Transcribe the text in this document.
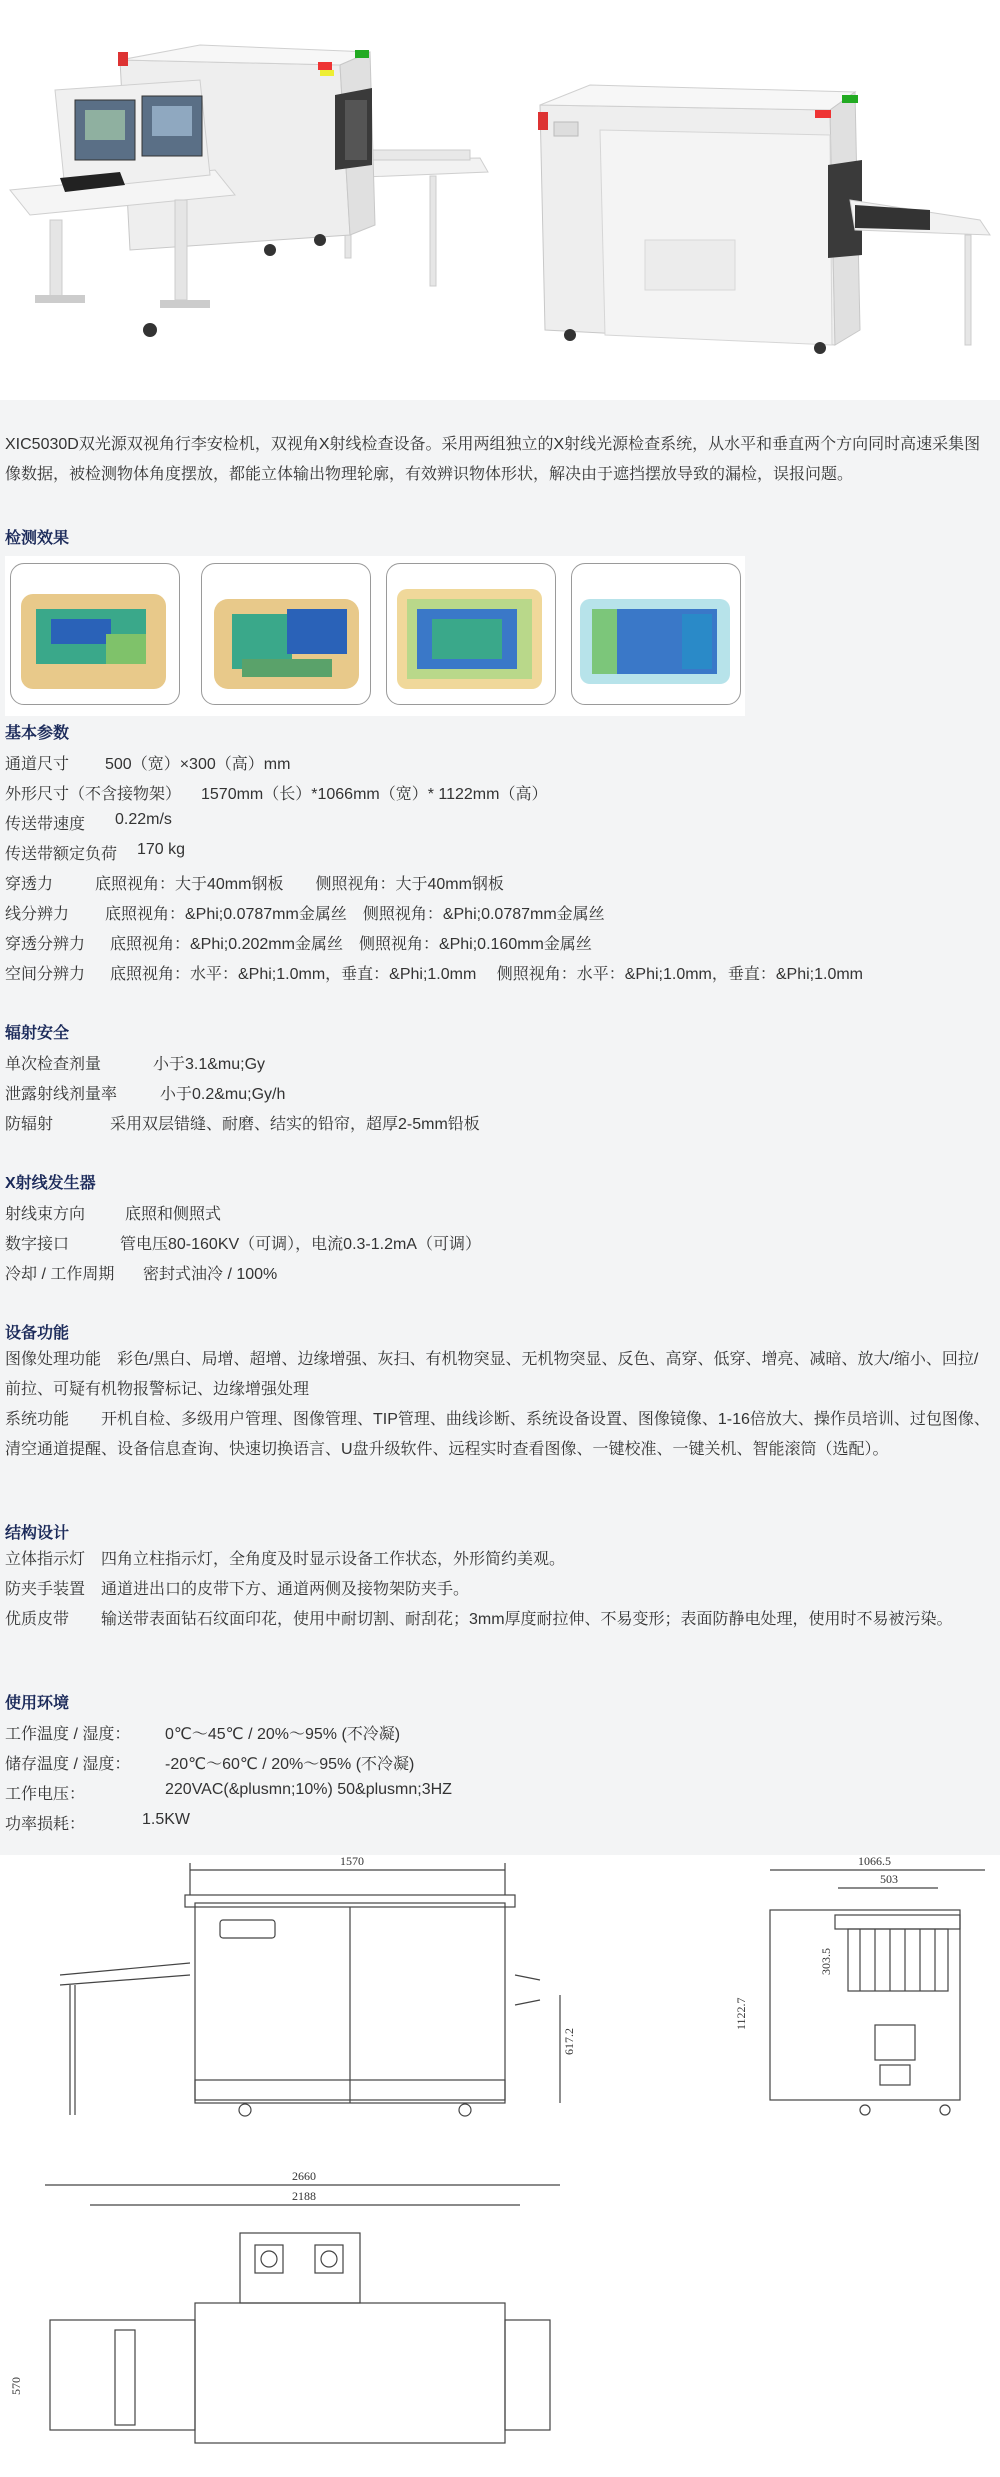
XIC5030D双光源双视角行李安检机，双视角X射线检查设备。采用两组独立的X射线光源检查系统，从水平和垂直两个方向同时高速采集图像数据，被检测物体角度摆放，都能立体输出物理轮廓，有效辨识物体形状，解决由于遮挡摆放导致的漏检，误报问题。
检测效果
基本参数
通道尺寸 500（宽）×300（高）mm
外形尺寸（不含接物架） 1570mm（长）*1066mm（宽）* 1122mm（高）
传送带速度 0.22m/s
传送带额定负荷 170 kg
穿透力	底照视角：大于40mm钢板　　侧照视角：大于40mm钢板
线分辨力 底照视角：&Phi;0.0787mm金属丝　侧照视角：&Phi;0.0787mm金属丝
穿透分辨力 底照视角：&Phi;0.202mm金属丝　侧照视角：&Phi;0.160mm金属丝
空间分辨力 底照视角：水平：&Phi;1.0mm，垂直：&Phi;1.0mm　 侧照视角：水平：&Phi;1.0mm，垂直：&Phi;1.0mm
辐射安全
单次检查剂量	小于3.1&mu;Gy
泄露射线剂量率	小于0.2&mu;Gy/h
防辐射	采用双层错缝、耐磨、结实的铅帘，超厚2-5mm铅板
X射线发生器
射线束方向 底照和侧照式
数字接口	管电压80-160KV（可调），电流0.3-1.2mA（可调）
冷却 / 工作周期 密封式油冷 / 100%
设备功能
图像处理功能　彩色/黑白、局增、超增、边缘增强、灰扫、有机物突显、无机物突显、反色、高穿、低穿、增亮、减暗、放大/缩小、回拉/前拉、可疑有机物报警标记、边缘增强处理
系统功能　　开机自检、多级用户管理、图像管理、TIP管理、曲线诊断、系统设备设置、图像镜像、1-16倍放大、操作员培训、过包图像、清空通道提醒、设备信息查询、快速切换语言、U盘升级软件、远程实时查看图像、一键校准、一键关机、智能滚筒（选配）。
结构设计
立体指示灯　四角立柱指示灯，全角度及时显示设备工作状态，外形简约美观。
防夹手装置　通道进出口的皮带下方、通道两侧及接物架防夹手。
优质皮带　　输送带表面钻石纹面印花，使用中耐切割、耐刮花；3mm厚度耐拉伸、不易变形；表面防静电处理，使用时不易被污染。
使用环境
工作温度 / 湿度： 0℃～45℃ / 20%～95% (不冷凝)
储存温度 / 湿度： -20℃～60℃ / 20%～95% (不冷凝)
工作电压：	220VAC(&plusmn;10%) 50&plusmn;3HZ
功率损耗：	1.5KW
1570
617.2
1066.5
503
303.5
1122.7
2660
2188
570
